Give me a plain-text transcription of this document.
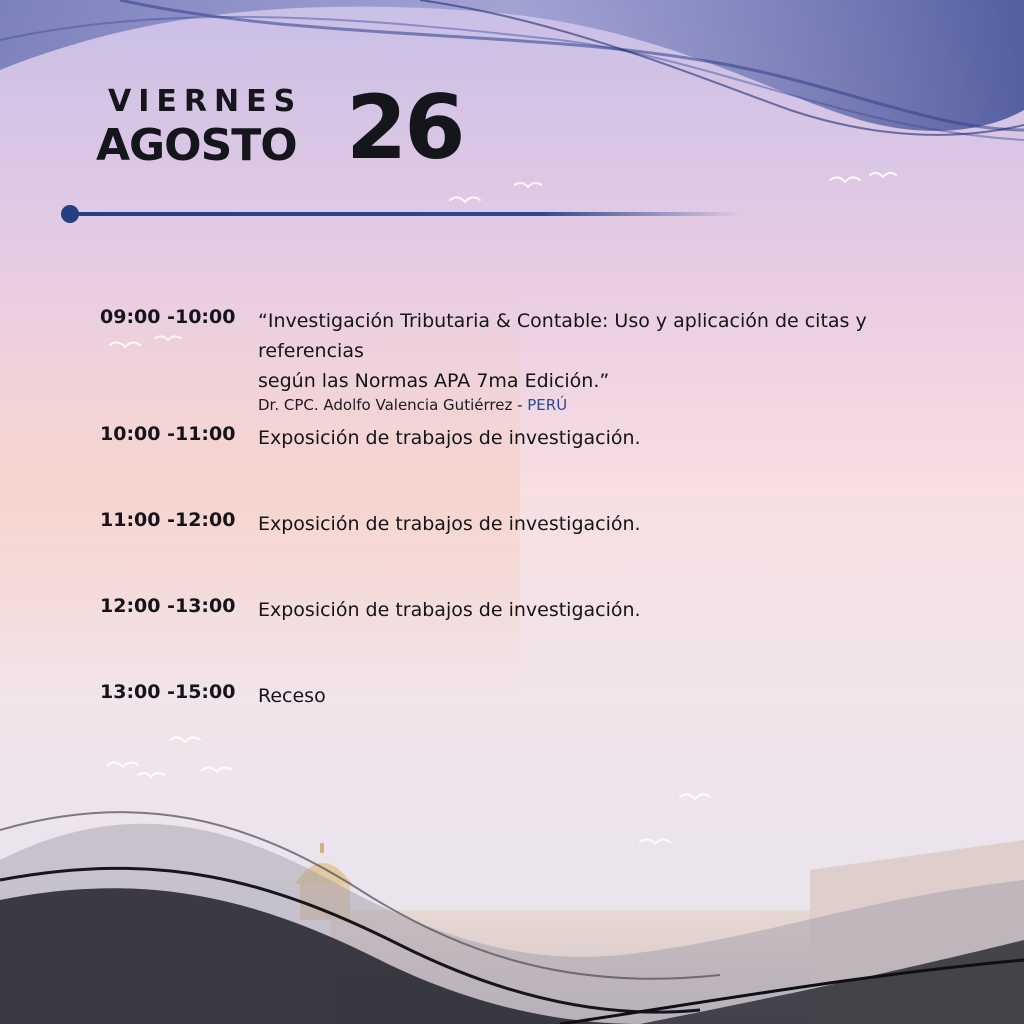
VIERNES
AGOSTO 26
09:00 -10:00 “Investigación Tributaria & Contable: Uso y aplicación de citas y referencias
según las Normas APA 7ma Edición.”
Dr. CPC. Adolfo Valencia Gutiérrez - PERÚ
10:00 -11:00 Exposición de trabajos de investigación.
11:00 -12:00 Exposición de trabajos de investigación.
12:00 -13:00 Exposición de trabajos de investigación.
13:00 -15:00 Receso
